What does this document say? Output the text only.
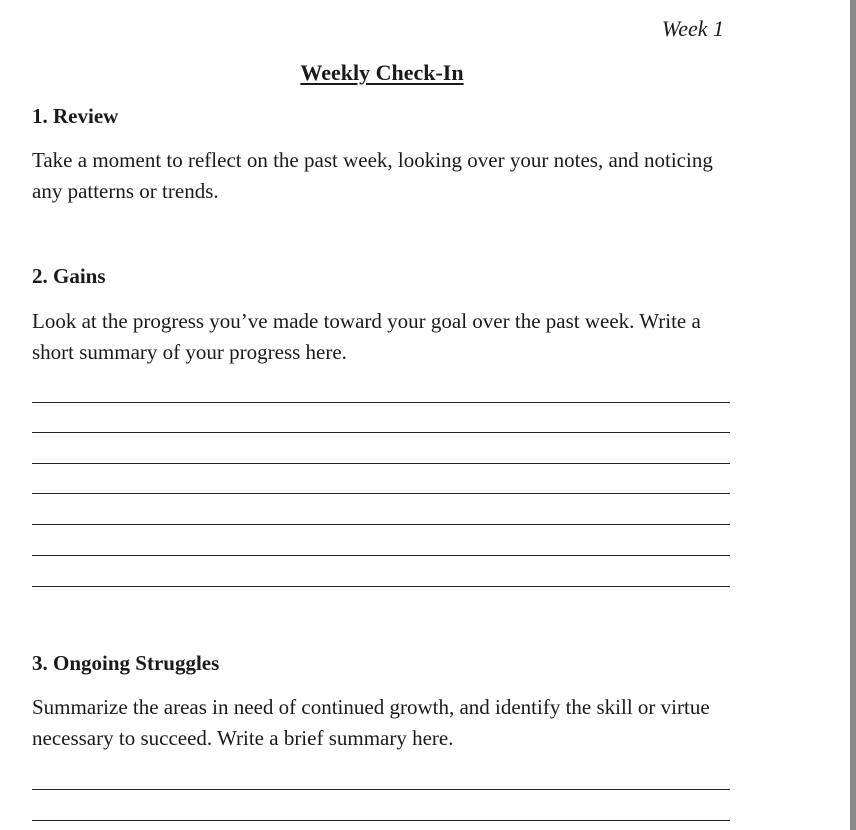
Week 1
Weekly Check-In
1. Review
Take a moment to reflect on the past week, looking over your notes, and noticing any patterns or trends.
2. Gains
Look at the progress you’ve made toward your goal over the past week. Write a short summary of your progress here.
3. Ongoing Struggles
Summarize the areas in need of continued growth, and identify the skill or virtue necessary to succeed. Write a brief summary here.
